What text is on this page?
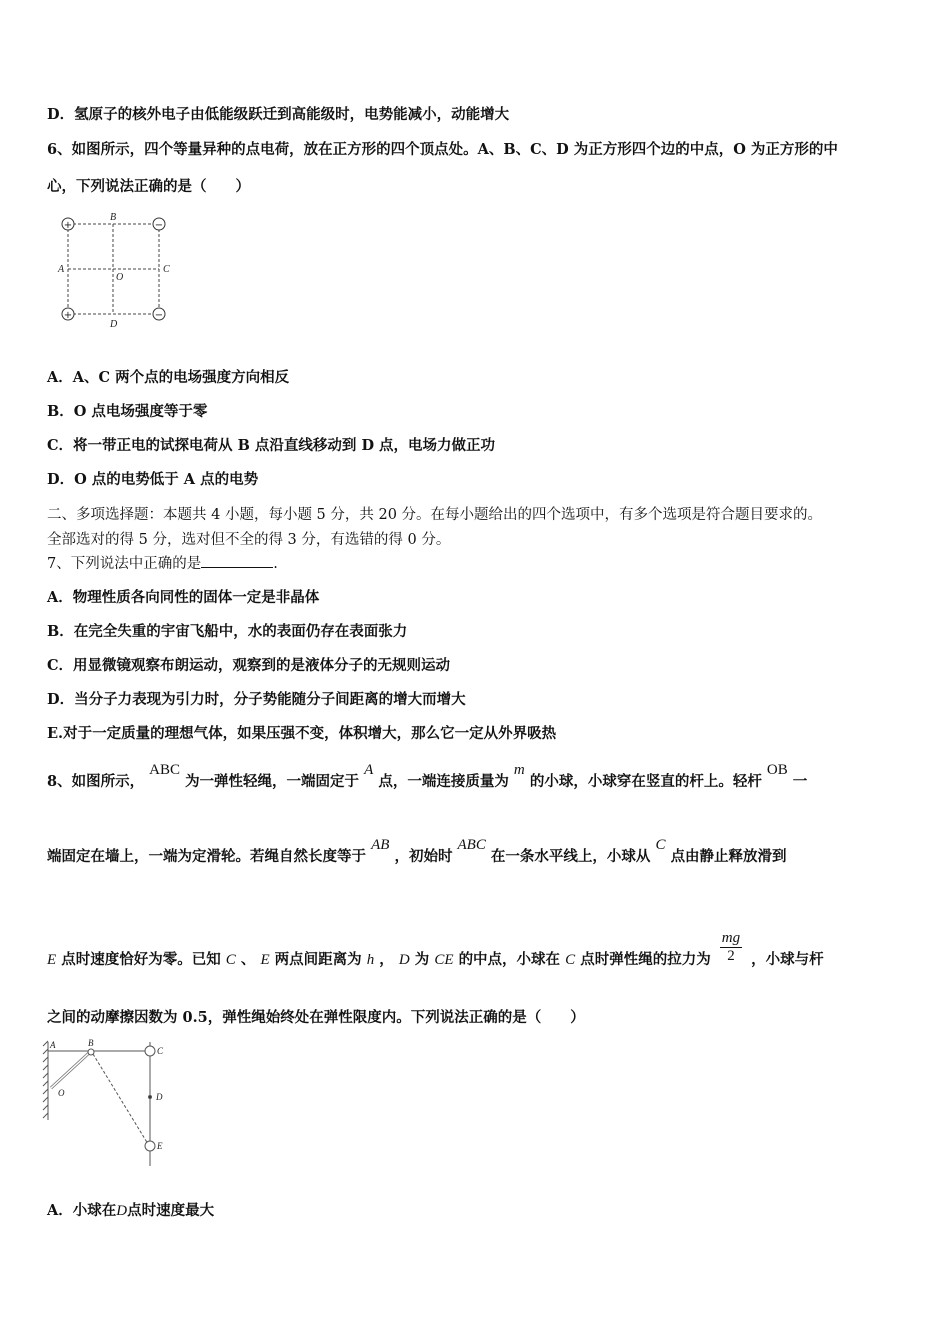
D．氢原子的核外电子由低能级跃迁到高能级时，电势能减小，动能增大
6、如图所示，四个等量异种的点电荷，放在正方形的四个顶点处。A、B、C、D 为正方形四个边的中点，O 为正方形的中
心，下列说法正确的是（　　）
+	−
+	−
B
A	C
O
D
A．A、C 两个点的电场强度方向相反
B．O 点电场强度等于零
C．将一带正电的试探电荷从 B 点沿直线移动到 D 点，电场力做正功
D．O 点的电势低于 A 点的电势
二、多项选择题：本题共 4 小题，每小题 5 分，共 20 分。在每小题给出的四个选项中，有多个选项是符合题目要求的。
全部选对的得 5 分，选对但不全的得 3 分，有选错的得 0 分。
7、下列说法中正确的是	.
A．物理性质各向同性的固体一定是非晶体
B．在完全失重的宇宙飞船中，水的表面仍存在表面张力
C．用显微镜观察布朗运动，观察到的是液体分子的无规则运动
D．当分子力表现为引力时，分子势能随分子间距离的增大而增大
E.对于一定质量的理想气体，如果压强不变，体积增大，那么它一定从外界吸热
8、如图所示， ABC 为一弹性轻绳，一端固定于 A 点，一端连接质量为 m 的小球，小球穿在竖直的杆上。轻杆 OB 一
端固定在墙上，一端为定滑轮。若绳自然长度等于 AB ，初始时 ABC 在一条水平线上，小球从 C 点由静止释放滑到
E 点时速度恰好为零。已知 C 、 E 两点间距离为 h ， D 为 CE 的中点，小球在 C 点时弹性绳的拉力为 $\frac{mg}{2}$ ，小球与杆
之间的动摩擦因数为 0.5，弹性绳始终处在弹性限度内。下列说法正确的是（　　）
A	B
C
D
E
O
A．小球在D点时速度最大
